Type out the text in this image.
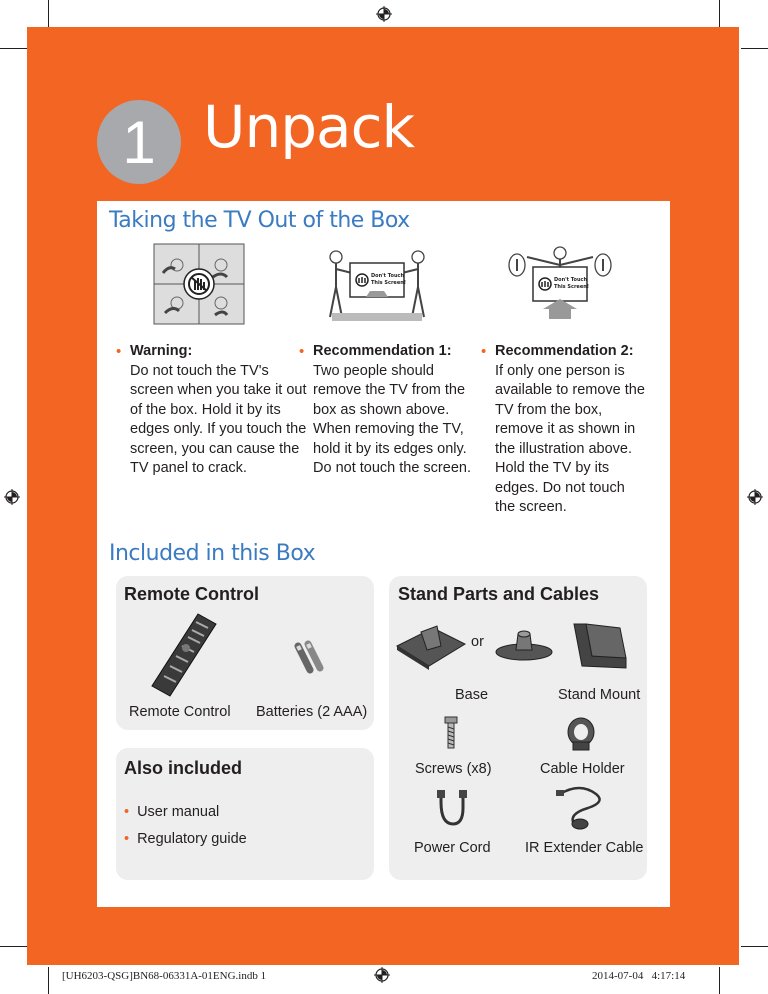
1 Unpack
Taking the TV Out of the Box
Don't Touch
This Screen!	Don't Touch
This Screen!
• Warning:
Do not touch the TV's screen when you take it out of the box. Hold it by its edges only. If you touch the screen, you can cause the TV panel to crack.
• Recommendation 1:
Two people should remove the TV from the box as shown above. When removing the TV, hold it by its edges only. Do not touch the screen.
• Recommendation 2:
If only one person is available to remove the TV from the box, remove it as shown in the illustration above. Hold the TV by its edges. Do not touch the screen.
Included in this Box
Remote Control
Remote Control Batteries (2 AAA)
Also included
• User manual
• Regulatory guide
Stand Parts and Cables
or
Base	Stand Mount
Screws (x8)	Cable Holder
Power Cord IR Extender Cable
[UH6203-QSG]BN68-06331A-01ENG.indb 1	2014-07-04   4:17:14
